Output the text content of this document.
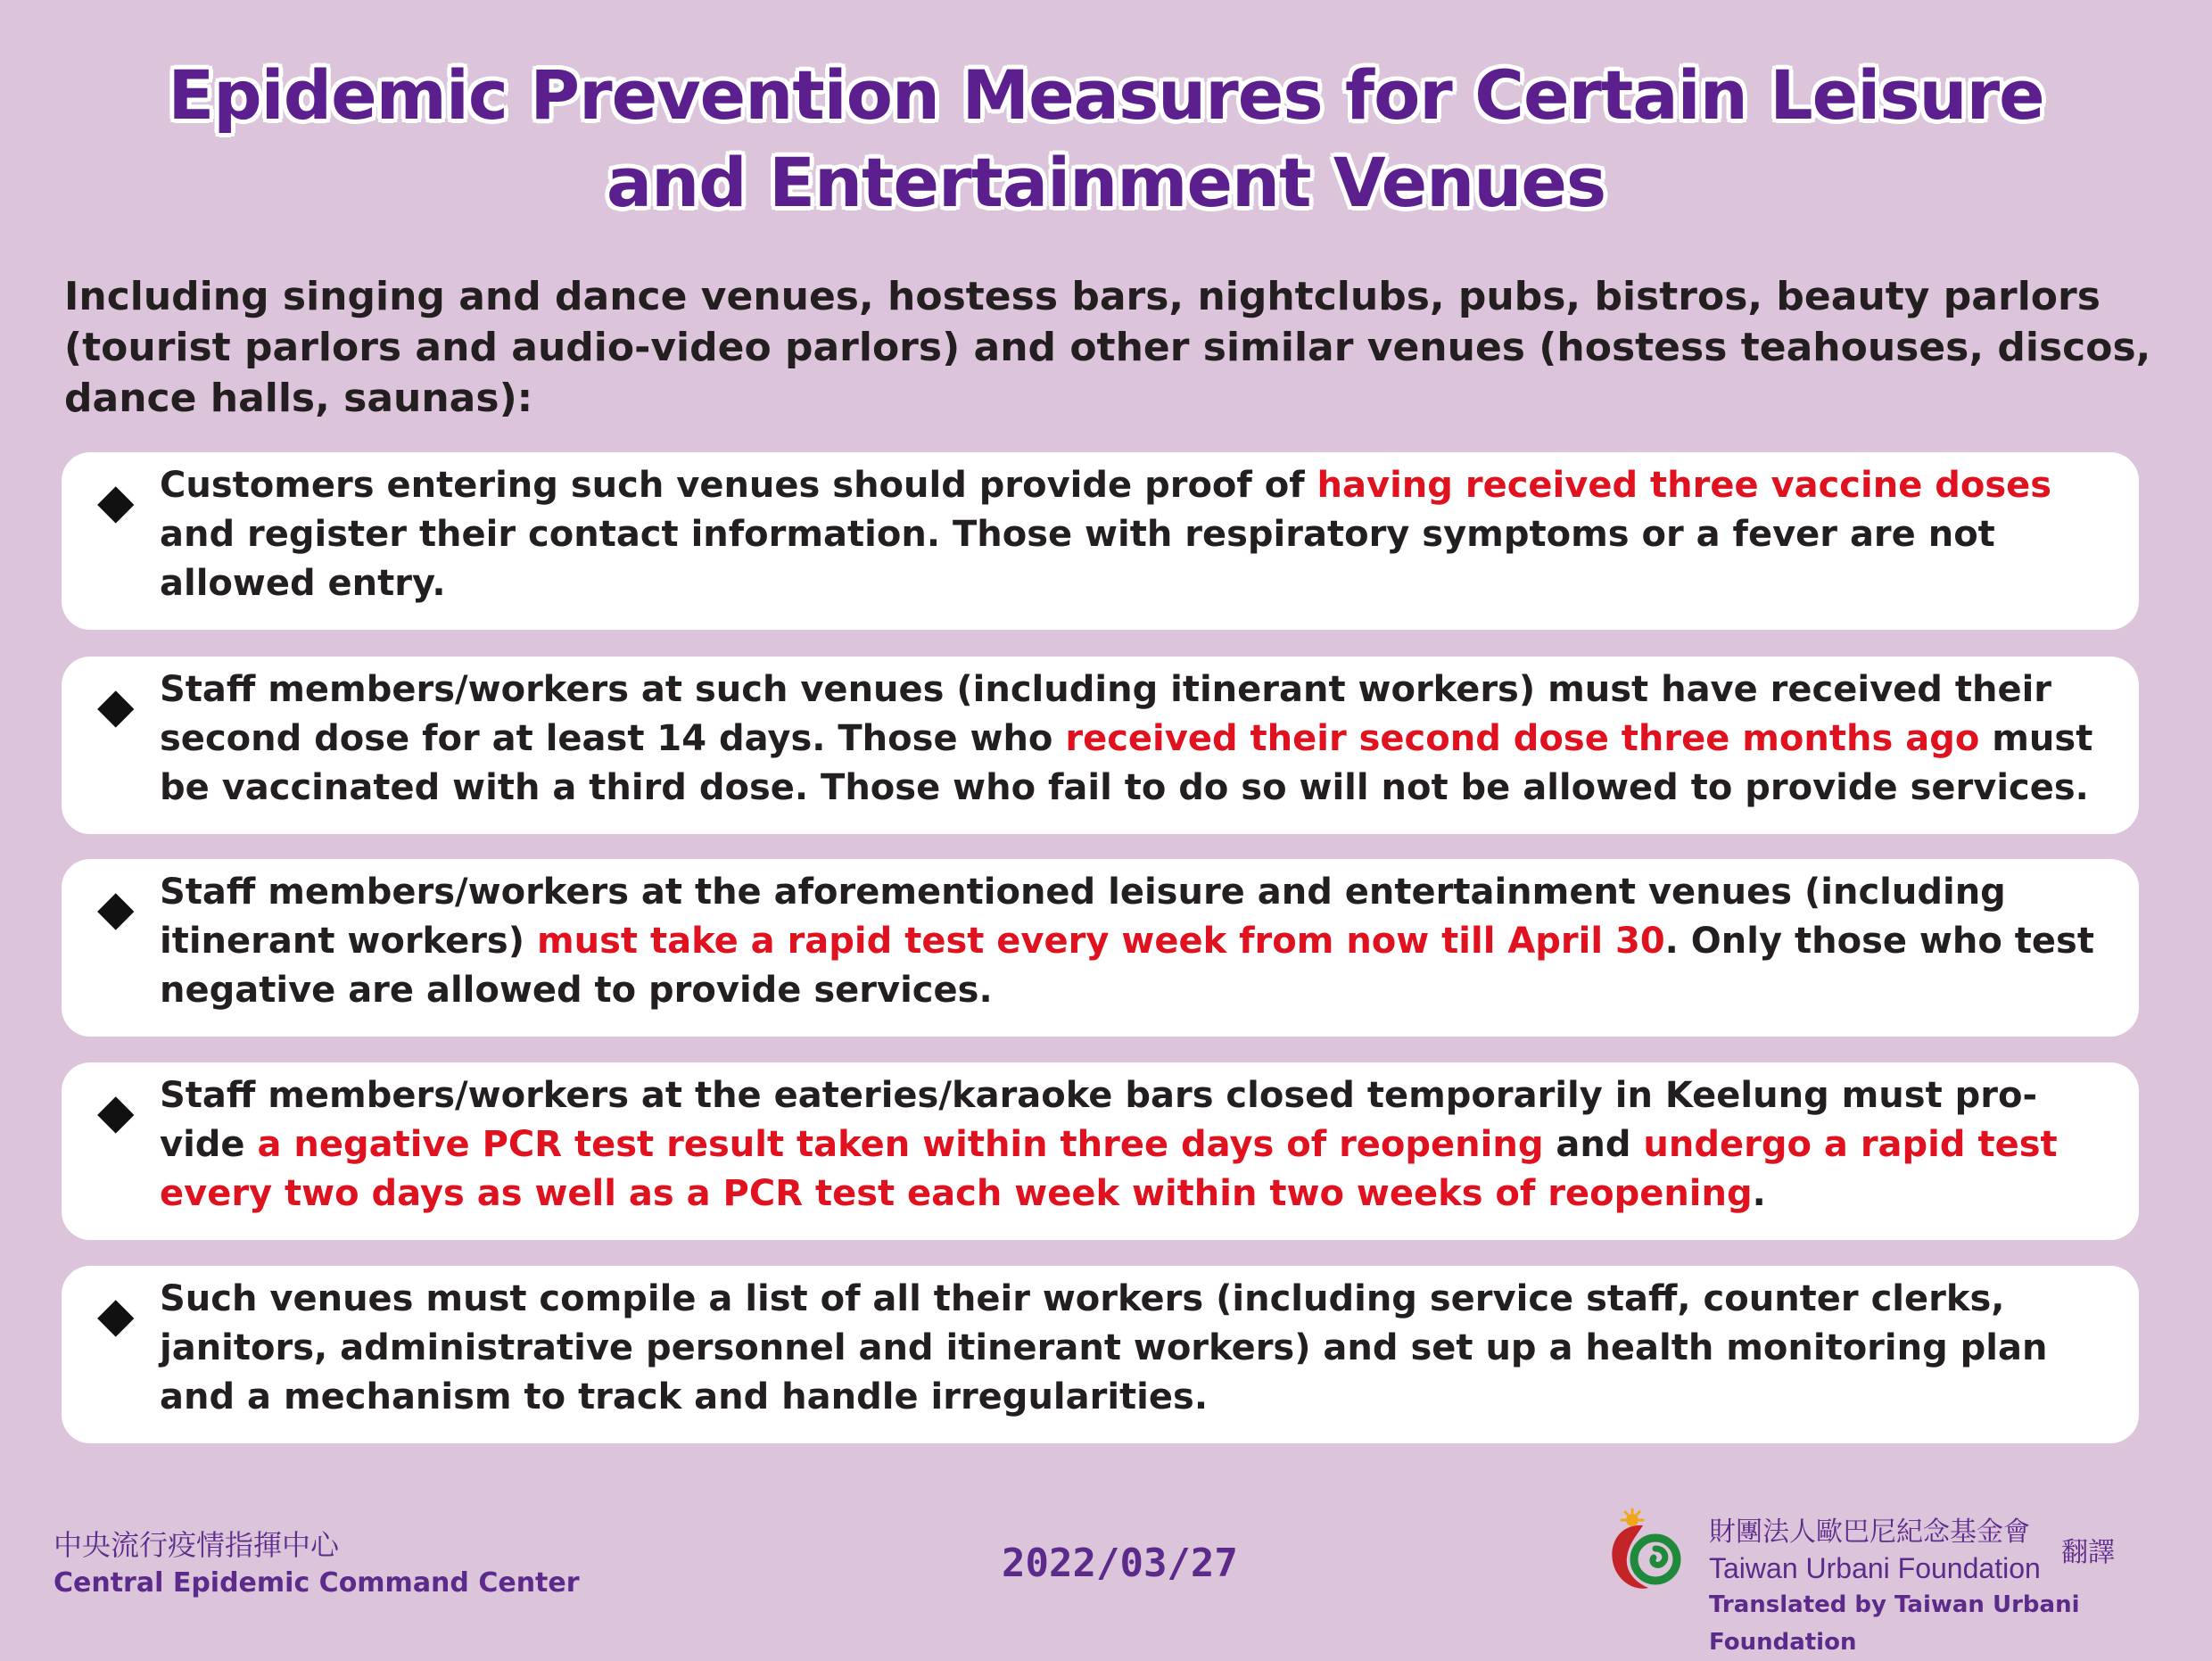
Epidemic Prevention Measures for Certain Leisure
and Entertainment Venues

Including singing and dance venues, hostess bars, nightclubs, pubs, bistros, beauty parlors (tourist parlors and audio-video parlors) and other similar venues (hostess teahouses, discos, dance halls, saunas):

◆ Customers entering such venues should provide proof of having received three vaccine doses and register their contact information. Those with respiratory symptoms or a fever are not allowed entry.

◆ Staff members/workers at such venues (including itinerant workers) must have received their second dose for at least 14 days. Those who received their second dose three months ago must be vaccinated with a third dose. Those who fail to do so will not be allowed to provide services.

◆ Staff members/workers at the aforementioned leisure and entertainment venues (including itinerant workers) must take a rapid test every week from now till April 30. Only those who test negative are allowed to provide services.

◆ Staff members/workers at the eateries/karaoke bars closed temporarily in Keelung must pro-vide a negative PCR test result taken within three days of reopening and undergo a rapid test every two days as well as a PCR test each week within two weeks of reopening.

◆ Such venues must compile a list of all their workers (including service staff, counter clerks, janitors, administrative personnel and itinerant workers) and set up a health monitoring plan and a mechanism to track and handle irregularities.

中央流行疫情指揮中心
Central Epidemic Command Center	2022/03/27
財團法人歐巴尼紀念基金會
Taiwan Urbani Foundation
Translated by Taiwan Urbani Foundation
翻譯
